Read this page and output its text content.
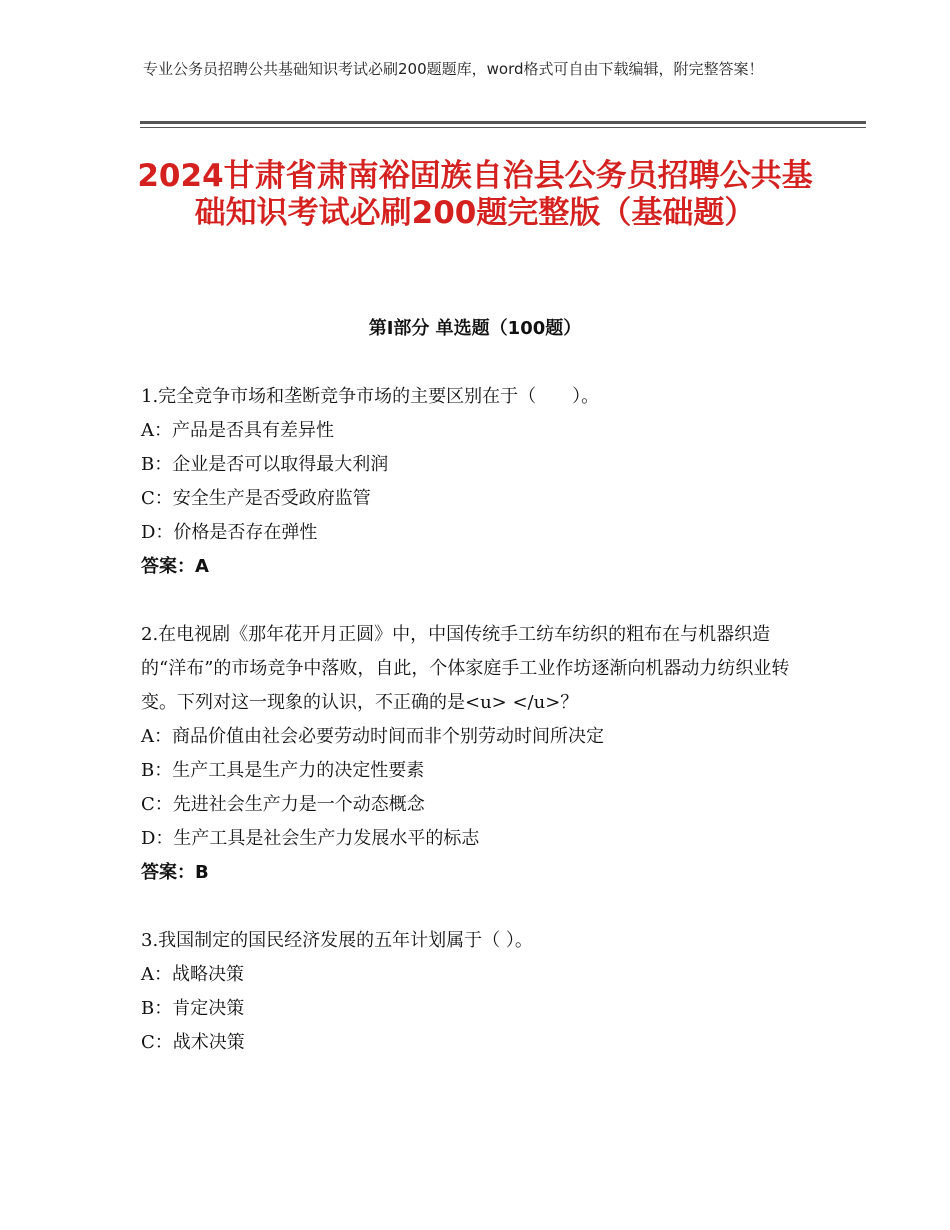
专业公务员招聘公共基础知识考试必刷200题题库，word格式可自由下载编辑，附完整答案！
2024甘肃省肃南裕固族自治县公务员招聘公共基础知识考试必刷200题完整版（基础题）
第Ⅰ部分 单选题（100题）
1.完全竞争市场和垄断竞争市场的主要区别在于（　　）。
A：产品是否具有差异性
B：企业是否可以取得最大利润
C：安全生产是否受政府监管
D：价格是否存在弹性
答案：A
2.在电视剧《那年花开月正圆》中，中国传统手工纺车纺织的粗布在与机器织造的“洋布”的市场竞争中落败，自此，个体家庭手工业作坊逐渐向机器动力纺织业转变。下列对这一现象的认识，不正确的是<u> </u>？
A：商品价值由社会必要劳动时间而非个别劳动时间所决定
B：生产工具是生产力的决定性要素
C：先进社会生产力是一个动态概念
D：生产工具是社会生产力发展水平的标志
答案：B
3.我国制定的国民经济发展的五年计划属于（ ）。
A：战略决策
B：肯定决策
C：战术决策
